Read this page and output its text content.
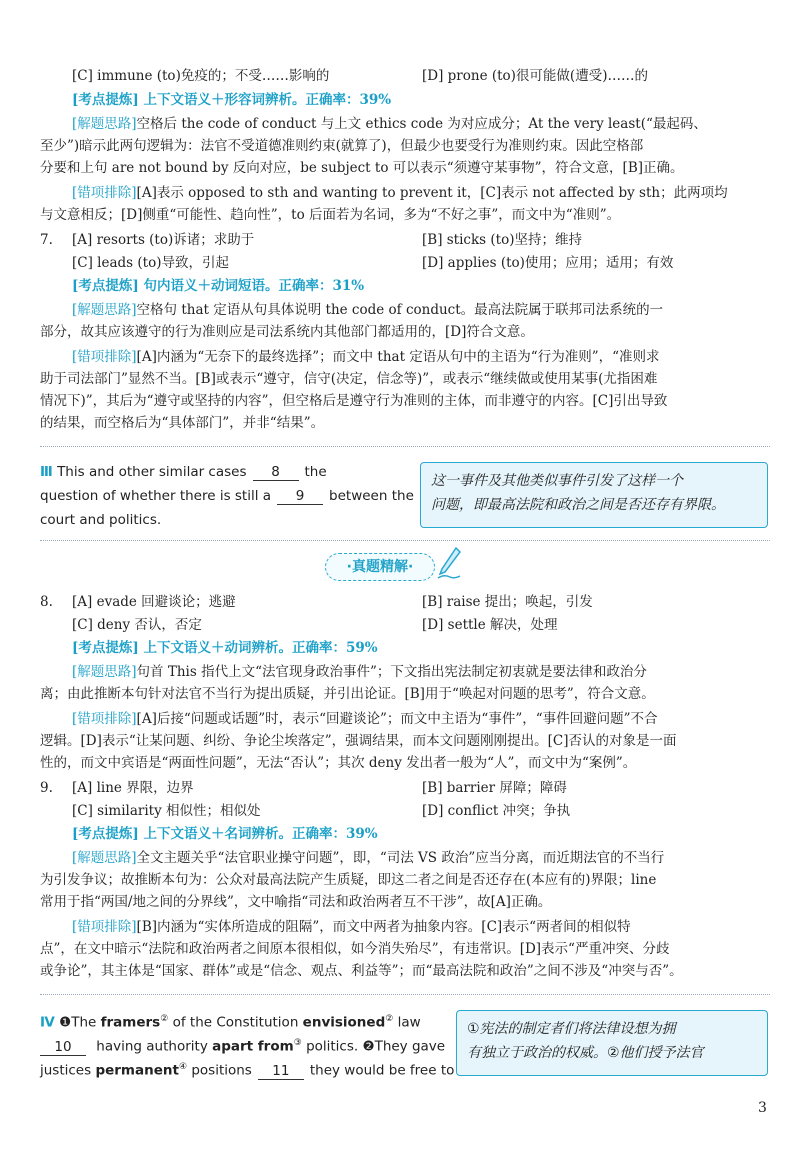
[C] immune (to)免疫的；不受……影响的	[D] prone (to)很可能做(遭受)……的
[考点提炼] 上下文语义＋形容词辨析。正确率：39%
[解题思路]空格后 the code of conduct 与上文 ethics code 为对应成分；At the very least(“最起码、
至少”)暗示此两句逻辑为：法官不受道德准则约束(就算了)，但最少也要受行为准则约束。因此空格部
分要和上句 are not bound by 反向对应，be subject to 可以表示“须遵守某事物”，符合文意，[B]正确。
[错项排除][A]表示 opposed to sth and wanting to prevent it，[C]表示 not affected by sth；此两项均
与文意相反；[D]侧重“可能性、趋向性”，to 后面若为名词，多为“不好之事”，而文中为“准则”。
7. [A] resorts (to)诉诸；求助于	[B] sticks (to)坚持；维持
[C] leads (to)导致，引起	[D] applies (to)使用；应用；适用；有效
[考点提炼] 句内语义＋动词短语。正确率：31%
[解题思路]空格句 that 定语从句具体说明 the code of conduct。最高法院属于联邦司法系统的一
部分，故其应该遵守的行为准则应是司法系统内其他部门都适用的，[D]符合文意。
[错项排除][A]内涵为“无奈下的最终选择”；而文中 that 定语从句中的主语为“行为准则”，“准则求
助于司法部门”显然不当。[B]或表示“遵守，信守(决定，信念等)”，或表示“继续做或使用某事(尤指困难
情况下)”，其后为“遵守或坚持的内容”，但空格后是遵守行为准则的主体，而非遵守的内容。[C]引出导致
的结果，而空格后为“具体部门”，并非“结果”。
Ⅲ This and other similar cases 8 the
question of whether there is still a 9 between the
court and politics.
这一事件及其他类似事件引发了这样一个
问题，即最高法院和政治之间是否还存有界限。
·真题精解·
8. [A] evade 回避谈论；逃避	[B] raise 提出；唤起，引发
[C] deny 否认，否定	[D] settle 解决，处理
[考点提炼] 上下文语义＋动词辨析。正确率：59%
[解题思路]句首 This 指代上文“法官现身政治事件”；下文指出宪法制定初衷就是要法律和政治分
离；由此推断本句针对法官不当行为提出质疑，并引出论证。[B]用于“唤起对问题的思考”，符合文意。
[错项排除][A]后接“问题或话题”时，表示“回避谈论”；而文中主语为“事件”，“事件回避问题”不合
逻辑。[D]表示“让某问题、纠纷、争论尘埃落定”，强调结果，而本文问题刚刚提出。[C]否认的对象是一面
性的，而文中宾语是“两面性问题”，无法“否认”；其次 deny 发出者一般为“人”，而文中为“案例”。
9. [A] line 界限，边界	[B] barrier 屏障；障碍
[C] similarity 相似性；相似处	[D] conflict 冲突；争执
[考点提炼] 上下文语义＋名词辨析。正确率：39%
[解题思路]全文主题关乎“法官职业操守问题”，即，“司法 VS 政治”应当分离，而近期法官的不当行
为引发争议；故推断本句为：公众对最高法院产生质疑，即这二者之间是否还存在(本应有的)界限；line
常用于指“两国/地之间的分界线”，文中喻指“司法和政治两者互不干涉”，故[A]正确。
[错项排除][B]内涵为“实体所造成的阻隔”，而文中两者为抽象内容。[C]表示“两者间的相似特
点”，在文中暗示“法院和政治两者之间原本很相似，如今消失殆尽”，有违常识。[D]表示“严重冲突、分歧
或争论”，其主体是“国家、群体”或是“信念、观点、利益等”；而“最高法院和政治”之间不涉及“冲突与否”。
Ⅳ ❶The framers② of the Constitution envisioned② law
10 having authority apart from③ politics. ❷They gave
justices permanent④ positions 11 they would be free to
①宪法的制定者们将法律设想为拥
有独立于政治的权威。②他们授予法官
3
